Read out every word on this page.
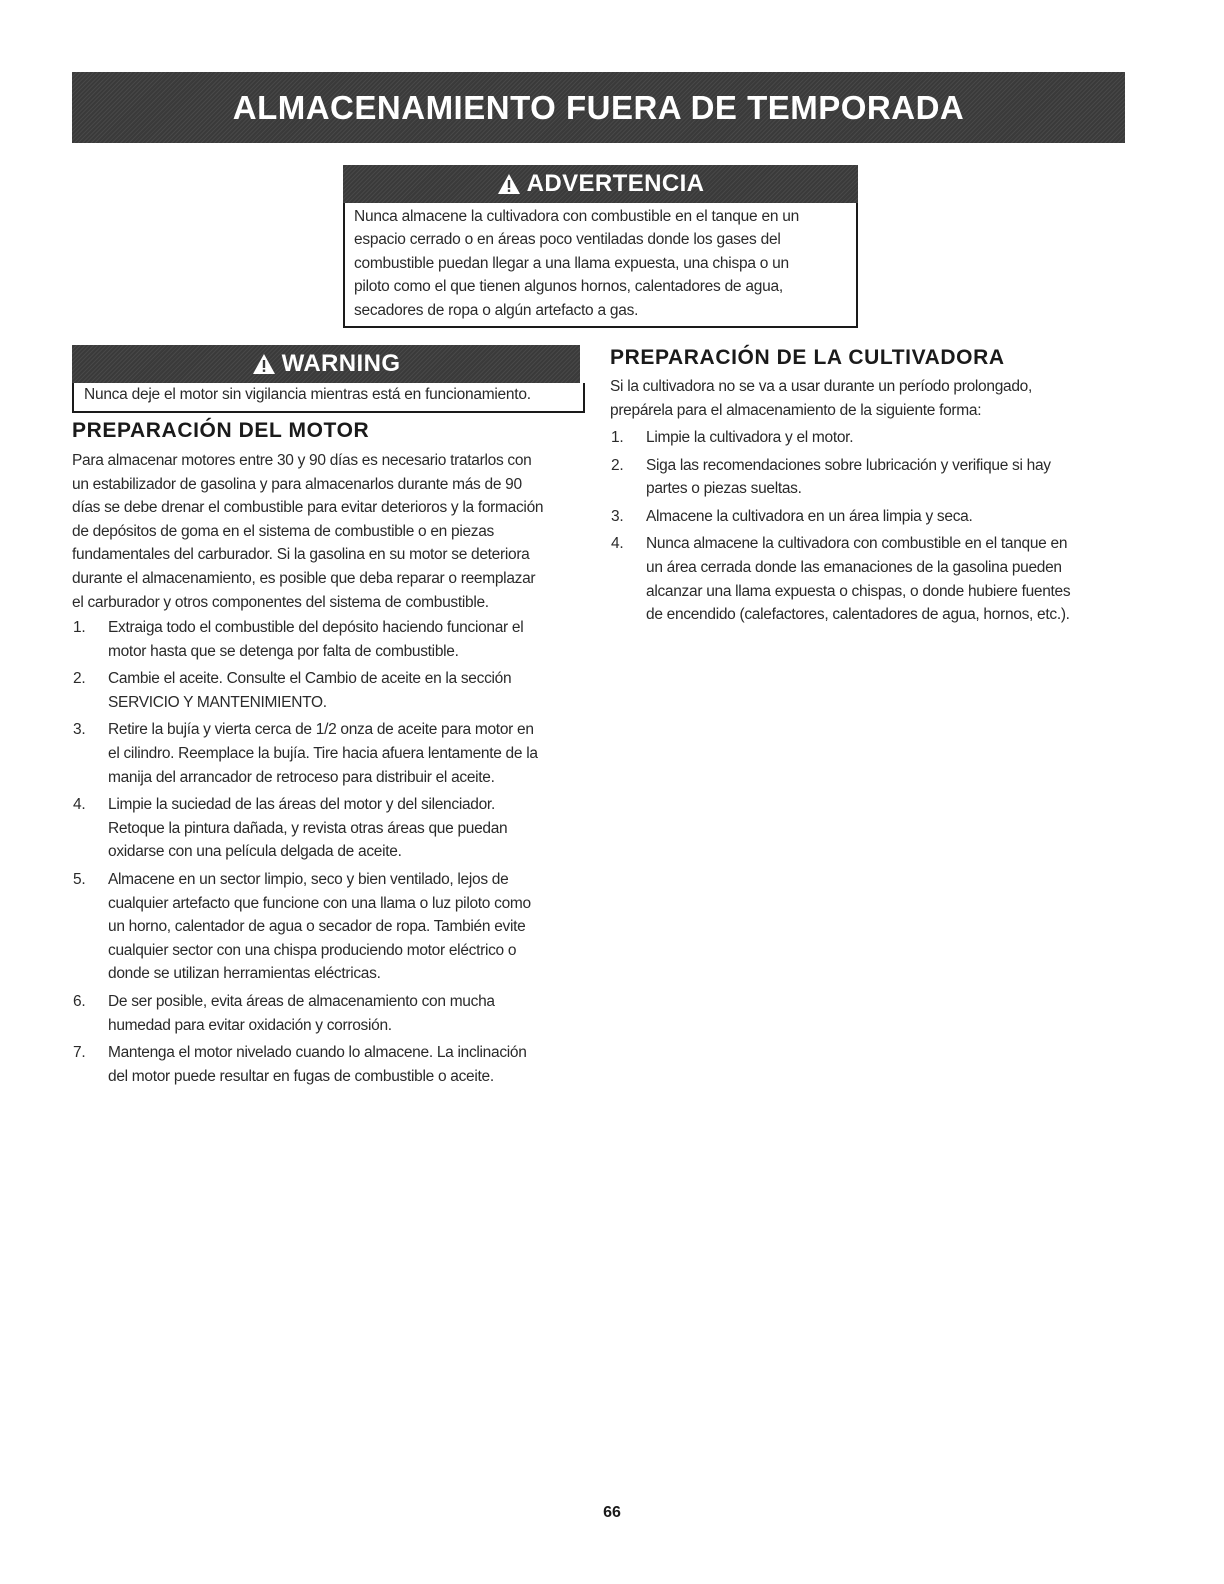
ALMACENAMIENTO FUERA DE TEMPORADA
ADVERTENCIA
Nunca almacene la cultivadora con combustible en el tanque en un
espacio cerrado o en áreas poco ventiladas donde los gases del
combustible puedan llegar a una llama expuesta, una chispa o un
piloto como el que tienen algunos hornos, calentadores de agua,
secadores de ropa o algún artefacto a gas.
WARNING
Nunca deje el motor sin vigilancia mientras está en funcionamiento.
PREPARACIÓN DEL MOTOR
Para almacenar motores entre 30 y 90 días es necesario tratarlos con
un estabilizador de gasolina y para almacenarlos durante más de 90
días se debe drenar el combustible para evitar deterioros y la formación
de depósitos de goma en el sistema de combustible o en piezas
fundamentales del carburador. Si la gasolina en su motor se deteriora
durante el almacenamiento, es posible que deba reparar o reemplazar
el carburador y otros componentes del sistema de combustible.
1. Extraiga todo el combustible del depósito haciendo funcionar el
motor hasta que se detenga por falta de combustible.
2. Cambie el aceite. Consulte el Cambio de aceite en la sección
SERVICIO Y MANTENIMIENTO.
3. Retire la bujía y vierta cerca de 1/2 onza de aceite para motor en
el cilindro. Reemplace la bujía. Tire hacia afuera lentamente de la
manija del arrancador de retroceso para distribuir el aceite.
4. Limpie la suciedad de las áreas del motor y del silenciador.
Retoque la pintura dañada, y revista otras áreas que puedan
oxidarse con una película delgada de aceite.
5. Almacene en un sector limpio, seco y bien ventilado, lejos de
cualquier artefacto que funcione con una llama o luz piloto como
un horno, calentador de agua o secador de ropa. También evite
cualquier sector con una chispa produciendo motor eléctrico o
donde se utilizan herramientas eléctricas.
6. De ser posible, evita áreas de almacenamiento con mucha
humedad para evitar oxidación y corrosión.
7. Mantenga el motor nivelado cuando lo almacene. La inclinación
del motor puede resultar en fugas de combustible o aceite.
PREPARACIÓN DE LA CULTIVADORA
Si la cultivadora no se va a usar durante un período prolongado,
prepárela para el almacenamiento de la siguiente forma:
1. Limpie la cultivadora y el motor.
2. Siga las recomendaciones sobre lubricación y verifique si hay
partes o piezas sueltas.
3. Almacene la cultivadora en un área limpia y seca.
4. Nunca almacene la cultivadora con combustible en el tanque en
un área cerrada donde las emanaciones de la gasolina pueden
alcanzar una llama expuesta o chispas, o donde hubiere fuentes
de encendido (calefactores, calentadores de agua, hornos, etc.).
66
